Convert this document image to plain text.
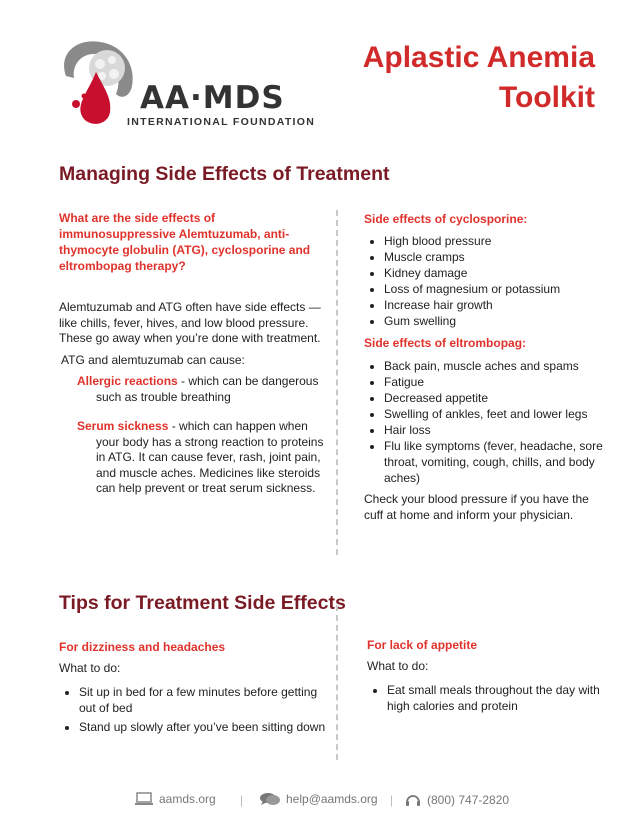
AA·MDS
INTERNATIONAL FOUNDATION
Aplastic Anemia
Toolkit
Managing Side Effects of Treatment
What are the side effects of immunosuppressive Alemtuzumab, anti-thymocyte globulin (ATG), cyclosporine and eltrombopag therapy?
Alemtuzumab and ATG often have side effects — like chills, fever, hives, and low blood pressure. These go away when you’re done with treatment.
ATG and alemtuzumab can cause:
Allergic reactions - which can be dangerous such as trouble breathing
Serum sickness - which can happen when your body has a strong reaction to proteins in ATG. It can cause fever, rash, joint pain, and muscle aches. Medicines like steroids can help prevent or treat serum sickness.
Side effects of cyclosporine:
• High blood pressure
• Muscle cramps
• Kidney damage
• Loss of magnesium or potassium
• Increase hair growth
• Gum swelling
Side effects of eltrombopag:
• Back pain, muscle aches and spams
• Fatigue
• Decreased appetite
• Swelling of ankles, feet and lower legs
• Hair loss
• Flu like symptoms (fever, headache, sore throat, vomiting, cough, chills, and body aches)
Check your blood pressure if you have the cuff at home and inform your physician.
Tips for Treatment Side Effects
For dizziness and headaches
What to do:
• Sit up in bed for a few minutes before getting out of bed
• Stand up slowly after you’ve been sitting down
For lack of appetite
What to do:
• Eat small meals throughout the day with high calories and protein
aamds.org |	help@aamds.org |	(800) 747-2820
